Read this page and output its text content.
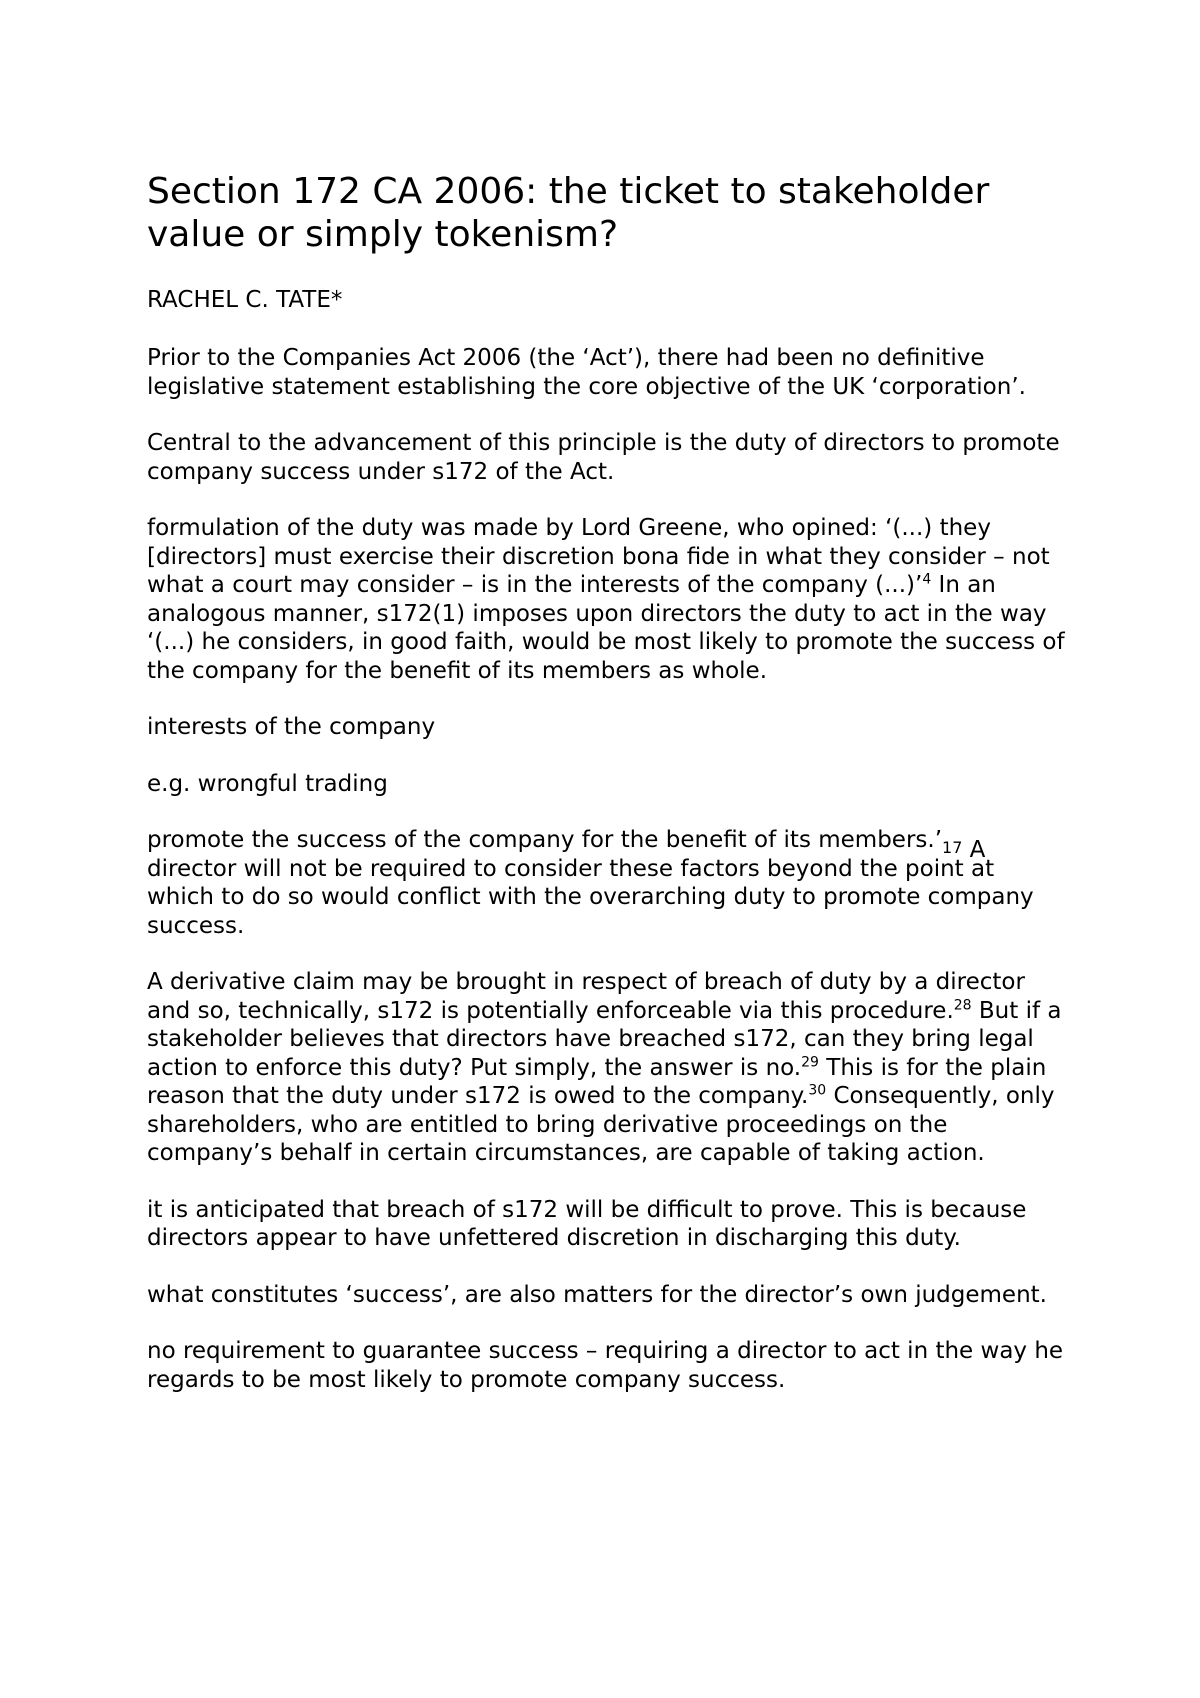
Section 172 CA 2006: the ticket to stakeholder value or simply tokenism?

RACHEL C. TATE*

Prior to the Companies Act 2006 (the ‘Act’), there had been no definitive legislative statement establishing the core objective of the UK ‘corporation’.

Central to the advancement of this principle is the duty of directors to promote company success under s172 of the Act.

formulation of the duty was made by Lord Greene, who opined: ‘(...) they [directors] must exercise their discretion bona fide in what they consider – not what a court may consider – is in the interests of the company (...)’$^4$ In an analogous manner, s172(1) imposes upon directors the duty to act in the way ‘(...) he considers, in good faith, would be most likely to promote the success of the company for the benefit of its members as whole.

interests of the company

e.g. wrongful trading

promote the success of the company for the benefit of its $members.’_{17}$ A director will not be required to consider these factors beyond the point at which to do so would conflict with the overarching duty to promote company success.

A derivative claim may be brought in respect of breach of duty by a director and so, technically, s172 is potentially enforceable via this procedure.$^{28}$ But if a stakeholder believes that directors have breached s172, can they bring legal action to enforce this duty? Put simply, the answer is no.$^{29}$ This is for the plain reason that the duty under s172 is owed to the company.$^{30}$ Consequently, only shareholders, who are entitled to bring derivative proceedings on the company’s behalf in certain circumstances, are capable of taking action.

it is anticipated that breach of s172 will be difficult to prove. This is because directors appear to have unfettered discretion in discharging this duty.

what constitutes ‘success’, are also matters for the director’s own judgement.

no requirement to guarantee success – requiring a director to act in the way he regards to be most likely to promote company success.
